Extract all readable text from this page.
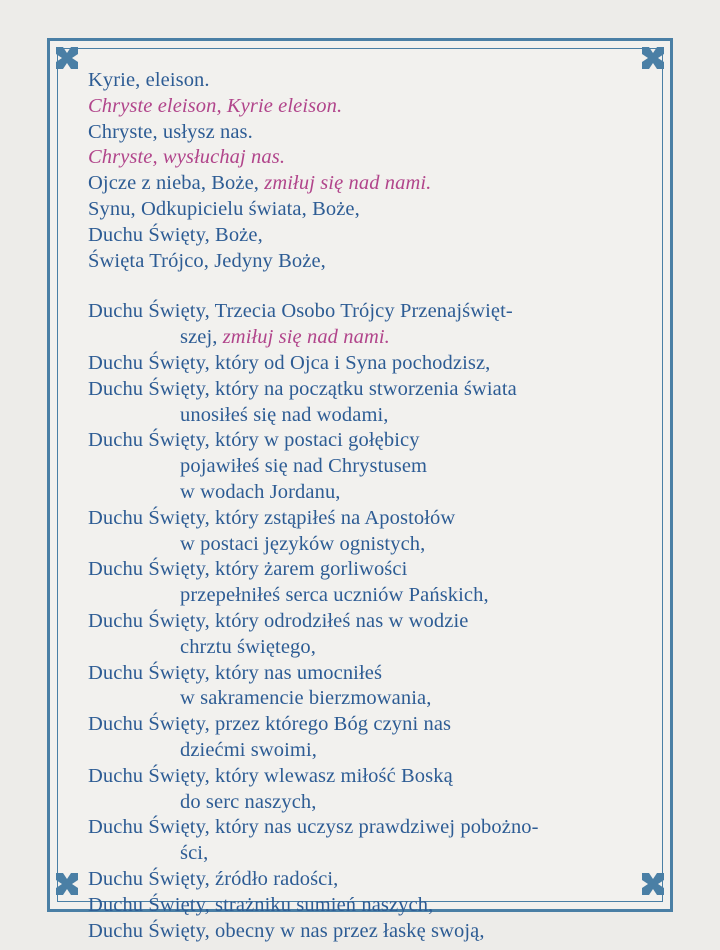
Kyrie, eleison.
Chryste eleison, Kyrie eleison.
Chryste, usłysz nas.
Chryste, wysłuchaj nas.
Ojcze z nieba, Boże, zmiłuj się nad nami.
Synu, Odkupicielu świata, Boże,
Duchu Święty, Boże,
Święta Trójco, Jedyny Boże,
Duchu Święty, Trzecia Osobo Trójcy Przenajświęt-
szej, zmiłuj się nad nami.
Duchu Święty, który od Ojca i Syna pochodzisz,
Duchu Święty, który na początku stworzenia świata
unosiłeś się nad wodami,
Duchu Święty, który w postaci gołębicy
pojawiłeś się nad Chrystusem
w wodach Jordanu,
Duchu Święty, który zstąpiłeś na Apostołów
w postaci języków ognistych,
Duchu Święty, który żarem gorliwości
przepełniłeś serca uczniów Pańskich,
Duchu Święty, który odrodziłeś nas w wodzie
chrztu świętego,
Duchu Święty, który nas umocniłeś
w sakramencie bierzmowania,
Duchu Święty, przez którego Bóg czyni nas
dziećmi swoimi,
Duchu Święty, który wlewasz miłość Boską
do serc naszych,
Duchu Święty, który nas uczysz prawdziwej pobożno-
ści,
Duchu Święty, źródło radości,
Duchu Święty, strażniku sumień naszych,
Duchu Święty, obecny w nas przez łaskę swoją,
